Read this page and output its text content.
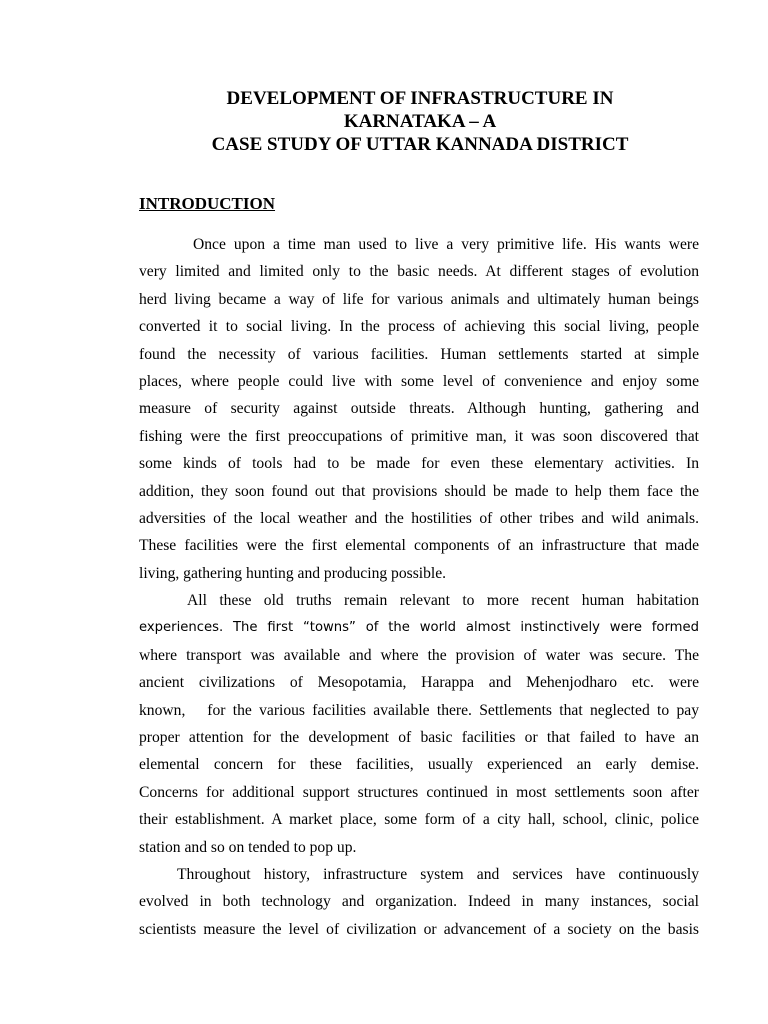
DEVELOPMENT OF INFRASTRUCTURE IN
KARNATAKA – A
CASE STUDY OF UTTAR KANNADA DISTRICT
INTRODUCTION

Once upon a time man used to live a very primitive life. His wants were
very limited and limited only to the basic needs. At different stages of evolution
herd living became a way of life for various animals and ultimately human beings
converted it to social living. In the process of achieving this social living, people
found the necessity of various facilities. Human settlements started at simple
places, where people could live with some level of convenience and enjoy some
measure of security against outside threats. Although hunting, gathering and
fishing were the first preoccupations of primitive man, it was soon discovered that
some kinds of tools had to be made for even these elementary activities. In
addition, they soon found out that provisions should be made to help them face the
adversities of the local weather and the hostilities of other tribes and wild animals.
These facilities were the first elemental components of an infrastructure that made
living, gathering hunting and producing possible.

All these old truths remain relevant to more recent human habitation
experiences. The first “towns” of the world almost instinctively were formed
where transport was available and where the provision of water was secure. The
ancient civilizations of Mesopotamia, Harappa and Mehenjodharo etc. were
known,   for the various facilities available there. Settlements that neglected to pay
proper attention for the development of basic facilities or that failed to have an
elemental concern for these facilities, usually experienced an early demise.
Concerns for additional support structures continued in most settlements soon after
their establishment. A market place, some form of a city hall, school, clinic, police
station and so on tended to pop up.

Throughout history, infrastructure system and services have continuously
evolved in both technology and organization. Indeed in many instances, social
scientists measure the level of civilization or advancement of a society on the basis
